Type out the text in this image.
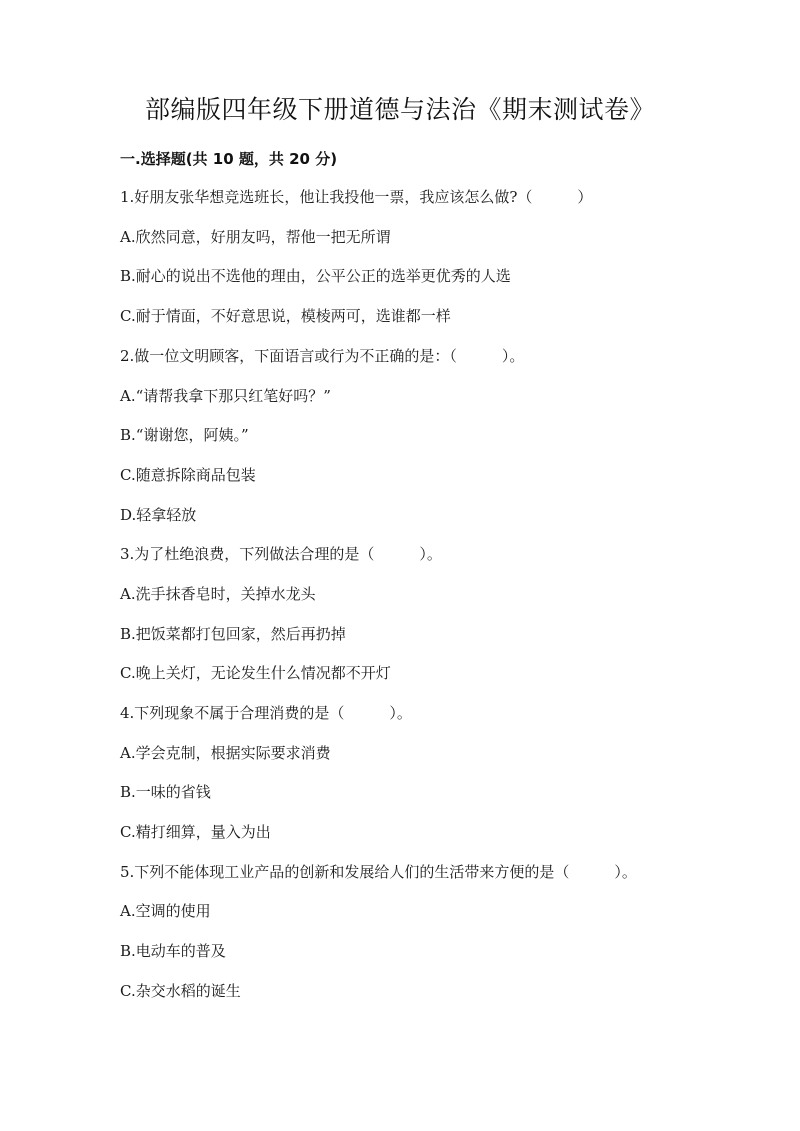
部编版四年级下册道德与法治《期末测试卷》
一.选择题(共 10 题，共 20 分)
1.好朋友张华想竞选班长，他让我投他一票，我应该怎么做?（　　　）
A.欣然同意，好朋友吗，帮他一把无所谓
B.耐心的说出不选他的理由，公平公正的选举更优秀的人选
C.耐于情面，不好意思说，模棱两可，选谁都一样
2.做一位文明顾客，下面语言或行为不正确的是：（　　　）。
A.“请帮我拿下那只红笔好吗？”
B.“谢谢您，阿姨。”
C.随意拆除商品包装
D.轻拿轻放
3.为了杜绝浪费，下列做法合理的是（　　　）。
A.洗手抹香皂时，关掉水龙头
B.把饭菜都打包回家，然后再扔掉
C.晚上关灯，无论发生什么情况都不开灯
4.下列现象不属于合理消费的是（　　　）。
A.学会克制，根据实际要求消费
B.一味的省钱
C.精打细算，量入为出
5.下列不能体现工业产品的创新和发展给人们的生活带来方便的是（　　　）。
A.空调的使用
B.电动车的普及
C.杂交水稻的诞生
